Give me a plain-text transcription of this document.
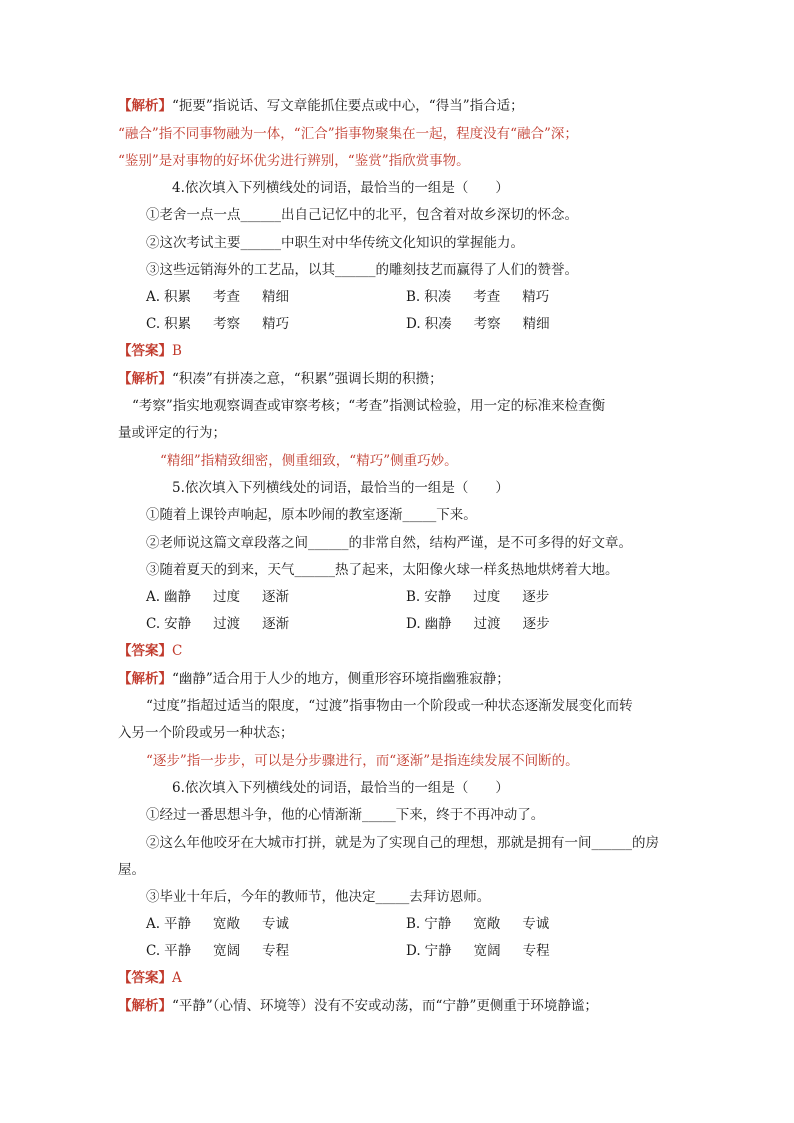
【解析】“扼要”指说话、写文章能抓住要点或中心，“得当”指合适；
“融合”指不同事物融为一体，“汇合”指事物聚集在一起，程度没有“融合”深；
“鉴别”是对事物的好坏优劣进行辨别，“鉴赏”指欣赏事物。
4.依次填入下列横线处的词语，最恰当的一组是（　　）
①老舍一点一点______出自己记忆中的北平，包含着对故乡深切的怀念。
②这次考试主要______中职生对中华传统文化知识的掌握能力。
③这些远销海外的工艺品，以其______的雕刻技艺而赢得了人们的赞誉。
A. 积累 考查 精细	B. 积凑 考查 精巧
C. 积累 考察 精巧	D. 积凑 考察 精细
【答案】B
【解析】“积凑”有拼凑之意，“积累”强调长期的积攒；
“考察”指实地观察调查或审察考核；“考查”指测试检验，用一定的标准来检查衡
量或评定的行为；
“精细”指精致细密，侧重细致，“精巧”侧重巧妙。
5.依次填入下列横线处的词语，最恰当的一组是（　　）
①随着上课铃声响起，原本吵闹的教室逐渐_____下来。
②老师说这篇文章段落之间______的非常自然，结构严谨，是不可多得的好文章。
③随着夏天的到来，天气______热了起来，太阳像火球一样炙热地烘烤着大地。
A. 幽静 过度 逐渐	B. 安静 过度 逐步
C. 安静 过渡 逐渐	D. 幽静 过渡 逐步
【答案】C
【解析】“幽静”适合用于人少的地方，侧重形容环境指幽雅寂静；
“过度”指超过适当的限度，“过渡”指事物由一个阶段或一种状态逐渐发展变化而转
入另一个阶段或另一种状态；
“逐步”指一步步，可以是分步骤进行，而“逐渐”是指连续发展不间断的。
6.依次填入下列横线处的词语，最恰当的一组是（　　）
①经过一番思想斗争，他的心情渐渐_____下来，终于不再冲动了。
②这么年他咬牙在大城市打拼，就是为了实现自己的理想，那就是拥有一间______的房
屋。
③毕业十年后，今年的教师节，他决定_____去拜访恩师。
A. 平静 宽敞 专诚	B. 宁静 宽敞 专诚
C. 平静 宽阔 专程	D. 宁静 宽阔 专程
【答案】A
【解析】“平静”（心情、环境等）没有不安或动荡，而“宁静”更侧重于环境静谧；
